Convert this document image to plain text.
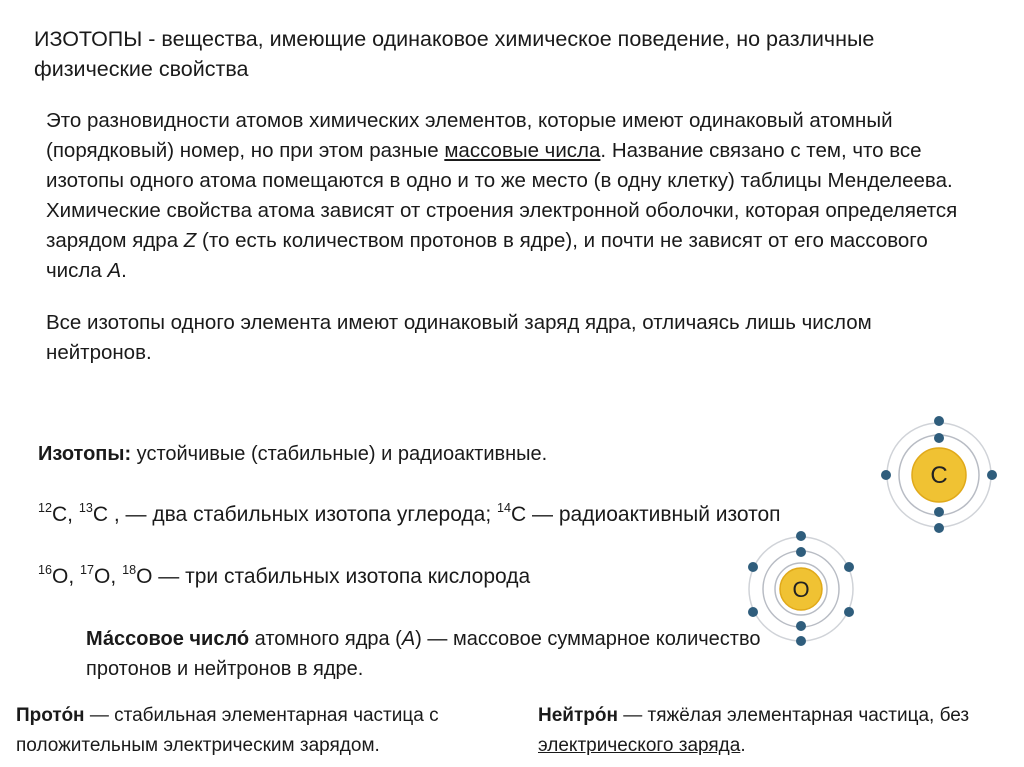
ИЗОТОПЫ - вещества, имеющие одинаковое химическое поведение, но различные физические свойства

Это разновидности атомов химических элементов, которые имеют одинаковый атомный (порядковый) номер, но при этом разные массовые числа. Название связано с тем, что все изотопы одного атома помещаются в одно и то же место (в одну клетку) таблицы Менделеева.

Химические свойства атома зависят от строения электронной оболочки, которая определяется зарядом ядра Z (то есть количеством протонов в ядре), и почти не зависят от его массового числа А.

Все изотопы одного элемента имеют одинаковый заряд ядра, отличаясь лишь числом нейтронов.

Изотопы: устойчивые (стабильные) и радиоактивные.
$^{12}$С, $^{13}$С , — два стабильных изотопа углерода; $^{14}$С — радиоактивный изотоп
$^{16}$O, $^{17}$O, $^{18}$O — три стабильных изотопа кислорода
Ма́ссовое число́ атомного ядра (A) — массовое суммарное количество протонов и нейтронов в ядре.
Прото́н — стабильная элементарная частица с положительным электрическим зарядом.
Нейтро́н — тяжёлая элементарная частица, без электрического заряда.
C
O
